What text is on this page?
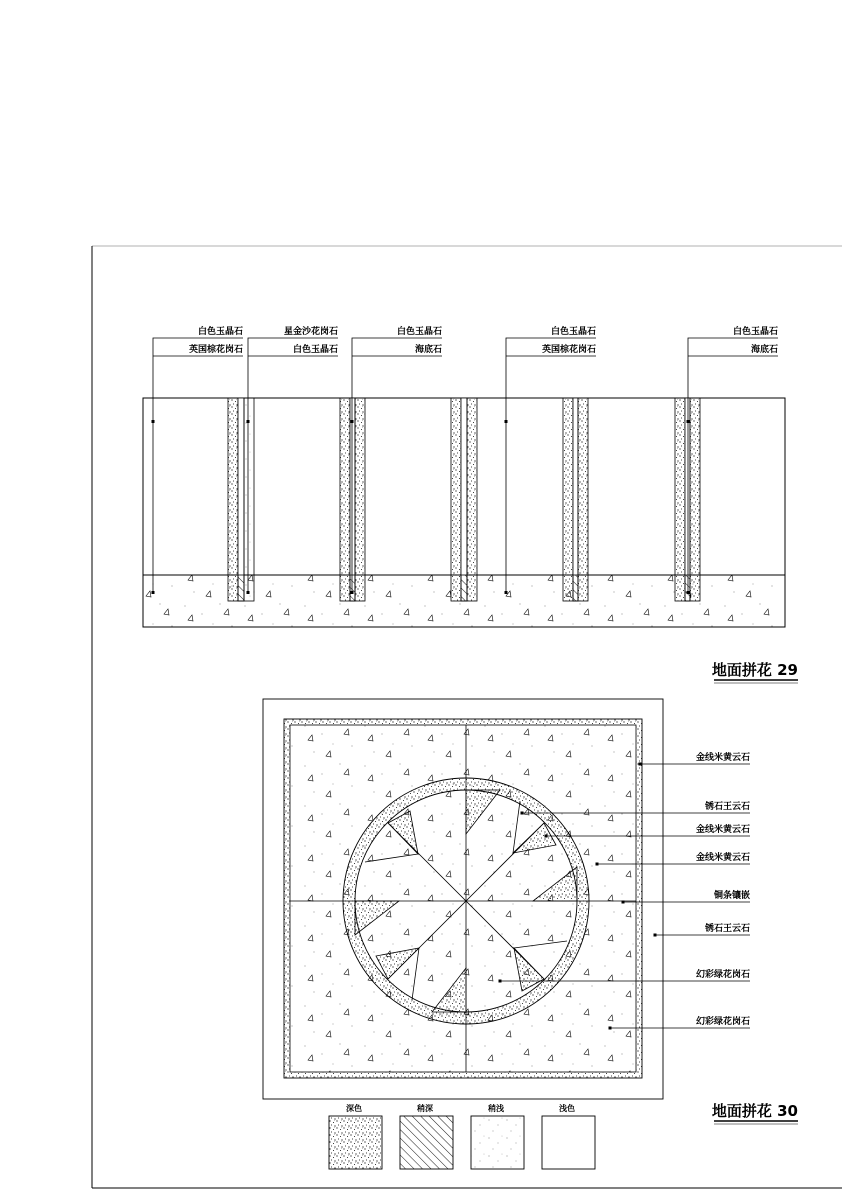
白色玉晶石
英国棕花岗石
星金沙花岗石
白色玉晶石
白色玉晶石
海底石
白色玉晶石
英国棕花岗石
白色玉晶石
海底石
地面拼花 29
金线米黄云石
锈石王云石
金线米黄云石
金线米黄云石
铜条镶嵌
锈石王云石
幻彩绿花岗石
幻彩绿花岗石
地面拼花 30
深色	稍深	稍浅	浅色
